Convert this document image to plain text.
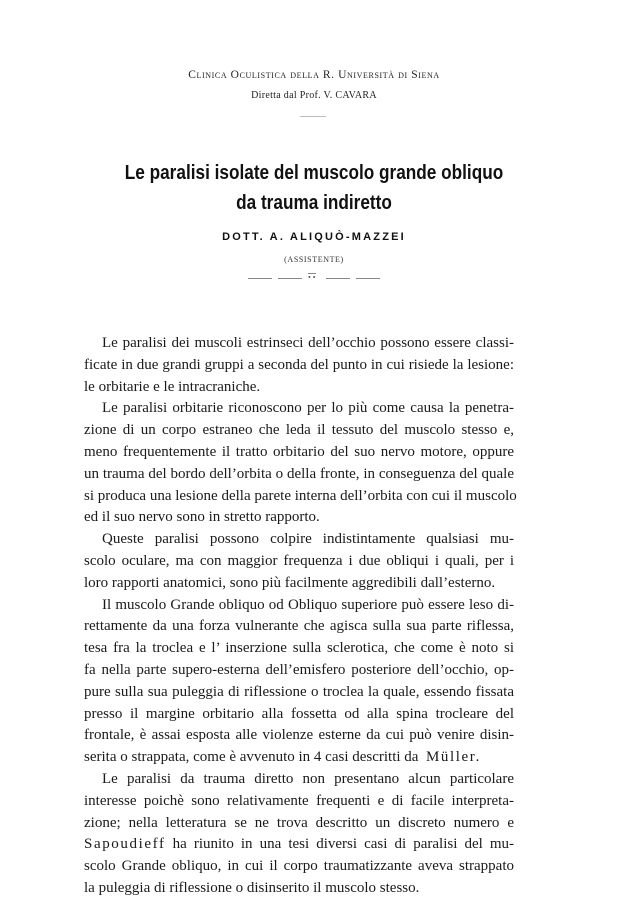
Clinica Oculistica della R. Università di Siena
Diretta dal Prof. V. CAVARA
Le paralisi isolate del muscolo grande obliquo
da trauma indiretto
DOTT. A. ALIQUÒ-MAZZEI
(ASSISTENTE)
• •
Le paralisi dei muscoli estrinseci dell’occhio possono essere classi-
ficate in due grandi gruppi a seconda del punto in cui risiede la lesione:
le orbitarie e le intracraniche.
Le paralisi orbitarie riconoscono per lo più come causa la penetra-
zione di un corpo estraneo che leda il tessuto del muscolo stesso e,
meno frequentemente il tratto orbitario del suo nervo motore, oppure
un trauma del bordo dell’orbita o della fronte, in conseguenza del quale
si produca una lesione della parete interna dell’orbita con cui il muscolo
ed il suo nervo sono in stretto rapporto.
Queste paralisi possono colpire indistintamente qualsiasi mu-
scolo oculare, ma con maggior frequenza i due obliqui i quali, per i
loro rapporti anatomici, sono più facilmente aggredibili dall’esterno.
Il muscolo Grande obliquo od Obliquo superiore può essere leso di-
rettamente da una forza vulnerante che agisca sulla sua parte riflessa,
tesa fra la troclea e l’ inserzione sulla sclerotica, che come è noto si
fa nella parte supero-esterna dell’emisfero posteriore dell’occhio, op-
pure sulla sua puleggia di riflessione o troclea la quale, essendo fissata
presso il margine orbitario alla fossetta od alla spina trocleare del
frontale, è assai esposta alle violenze esterne da cui può venire disin-
serita o strappata, come è avvenuto in 4 casi descritti da Müller.
Le paralisi da trauma diretto non presentano alcun particolare
interesse poichè sono relativamente frequenti e di facile interpreta-
zione; nella letteratura se ne trova descritto un discreto numero e
Sapoudieff ha riunito in una tesi diversi casi di paralisi del mu-
scolo Grande obliquo, in cui il corpo traumatizzante aveva strappato
la puleggia di riflessione o disinserito il muscolo stesso.
